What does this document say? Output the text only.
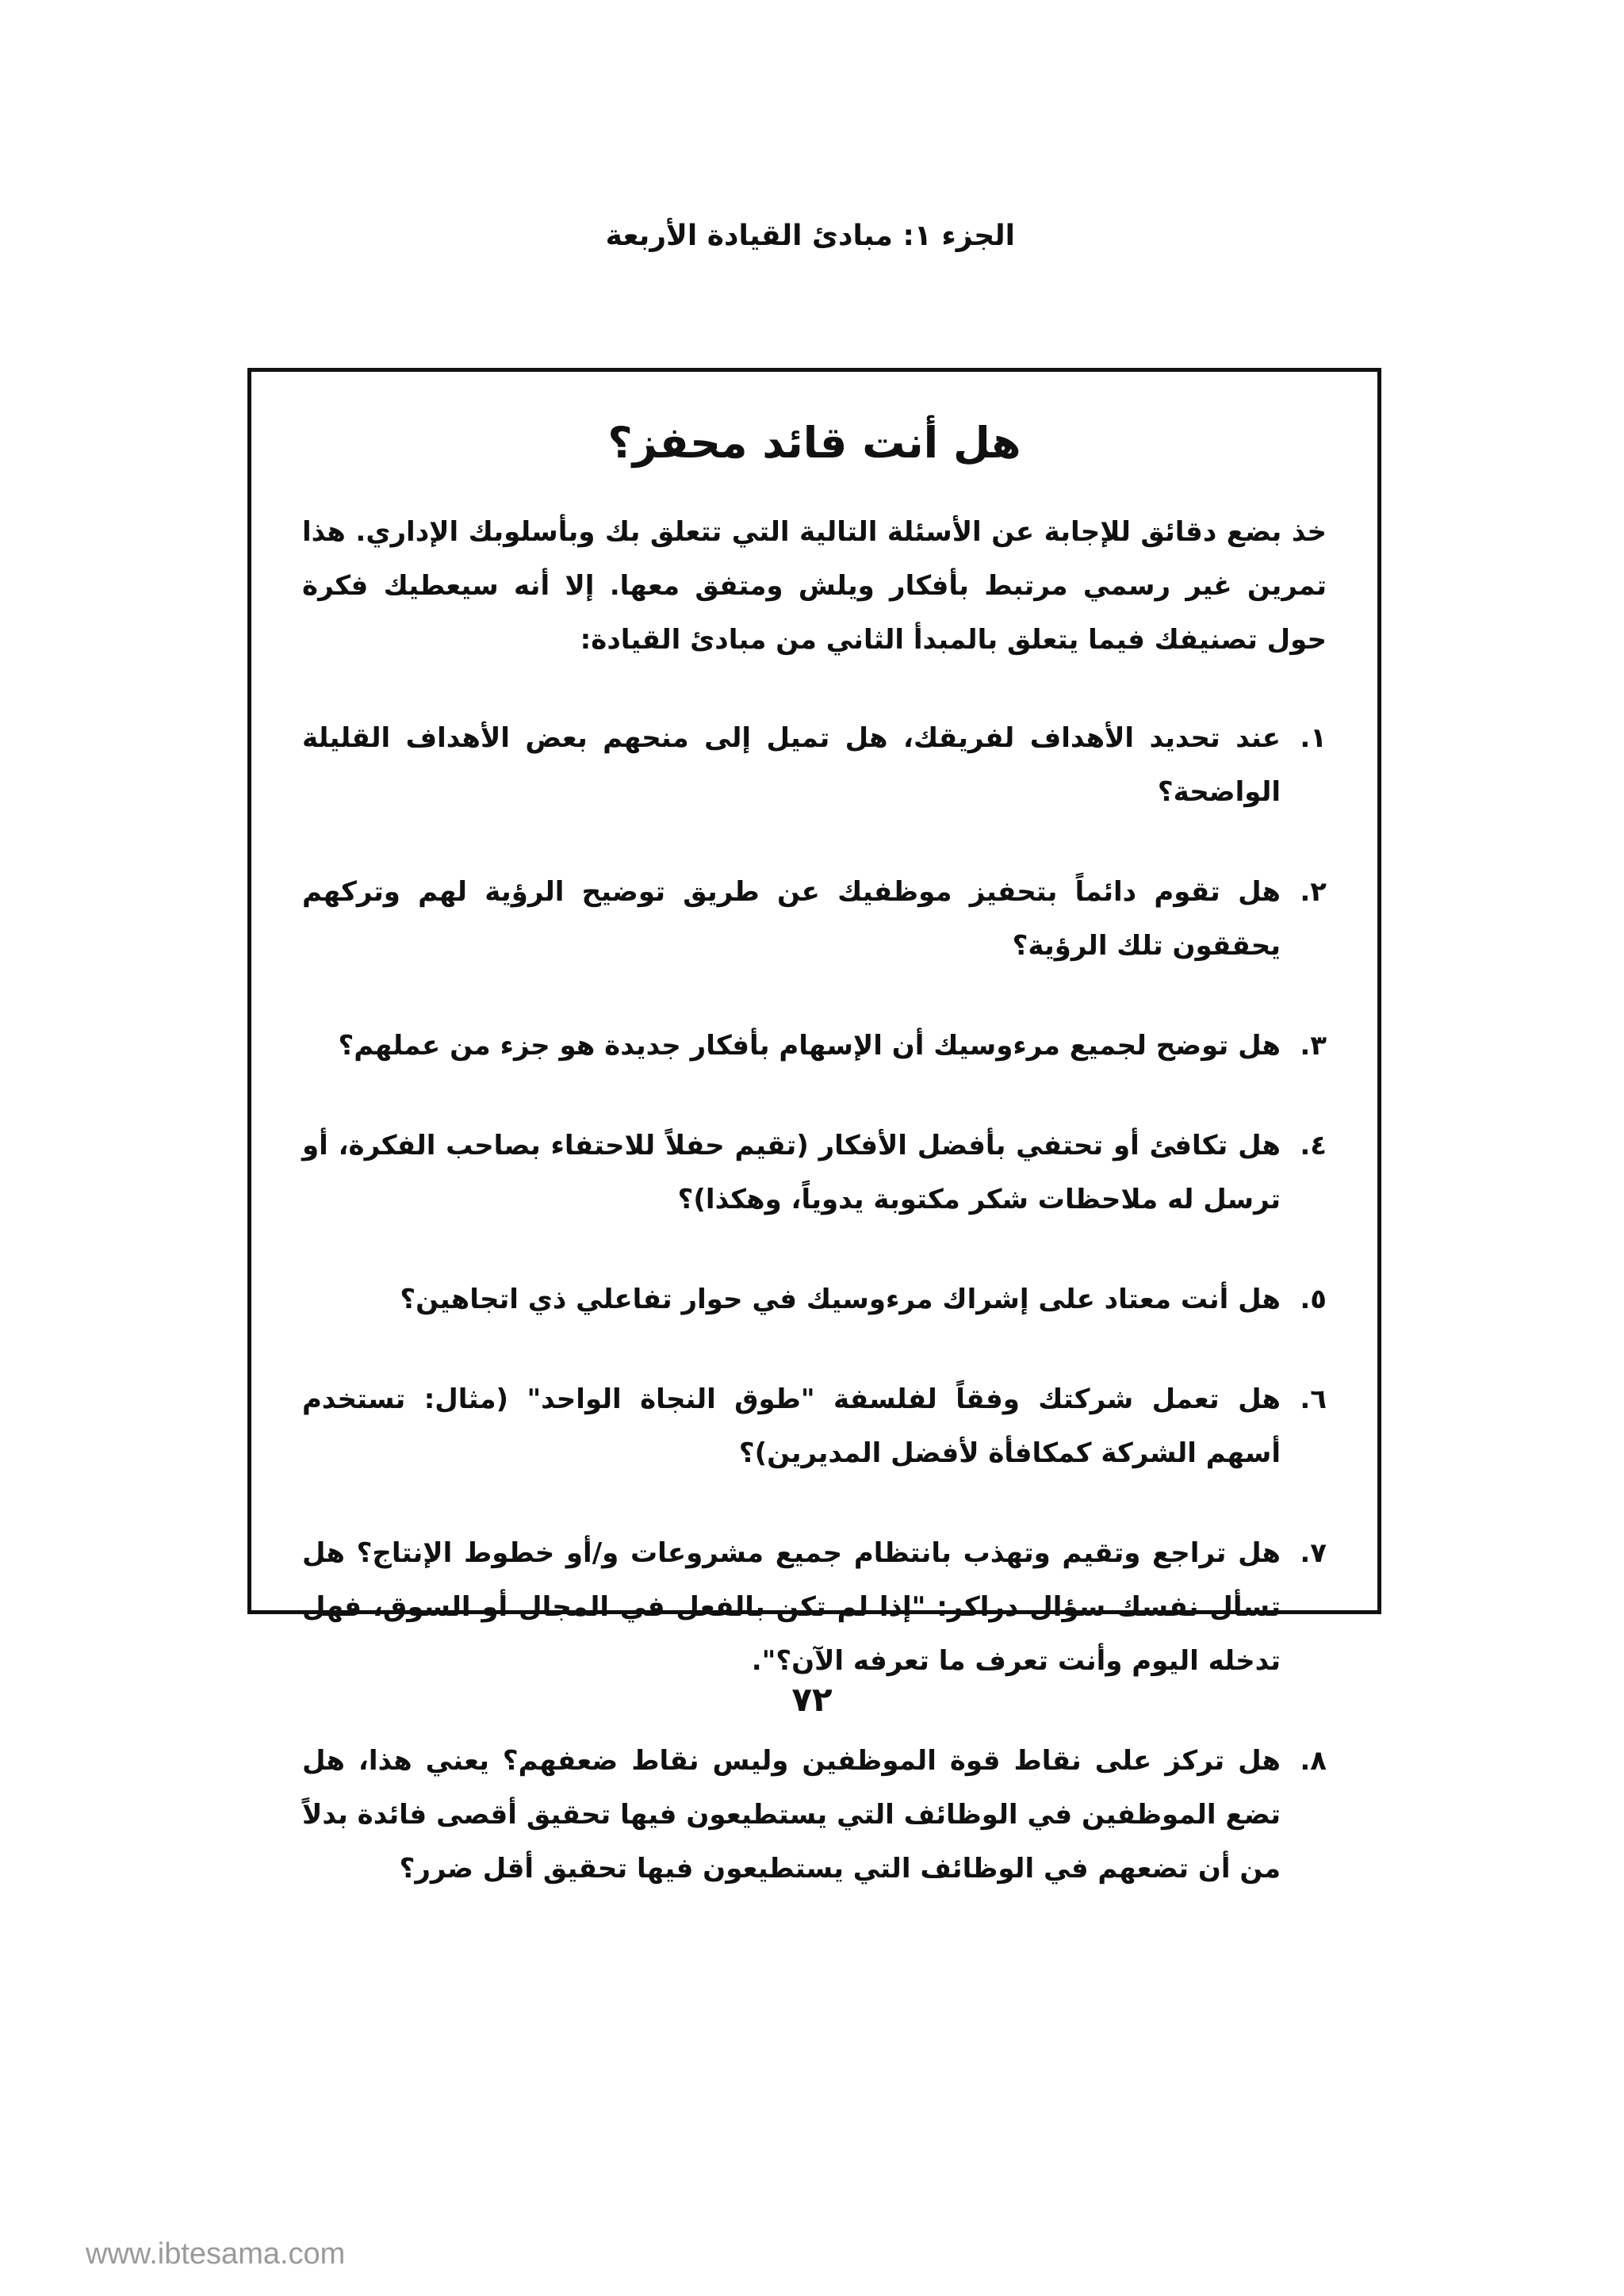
الجزء ١: مبادئ القيادة الأربعة
هل أنت قائد محفز؟
خذ بضع دقائق للإجابة عن الأسئلة التالية التي تتعلق بك وبأسلوبك الإداري. هذا تمرين غير رسمي مرتبط بأفكار ويلش ومتفق معها. إلا أنه سيعطيك فكرة حول تصنيفك فيما يتعلق بالمبدأ الثاني من مبادئ القيادة:
١.
عند تحديد الأهداف لفريقك، هل تميل إلى منحهم بعض الأهداف القليلة الواضحة؟
٢.
هل تقوم دائماً بتحفيز موظفيك عن طريق توضيح الرؤية لهم وتركهم يحققون تلك الرؤية؟
٣.
هل توضح لجميع مرءوسيك أن الإسهام بأفكار جديدة هو جزء من عملهم؟
٤.
هل تكافئ أو تحتفي بأفضل الأفكار (تقيم حفلاً للاحتفاء بصاحب الفكرة، أو ترسل له ملاحظات شكر مكتوبة يدوياً، وهكذا)؟
٥.
هل أنت معتاد على إشراك مرءوسيك في حوار تفاعلي ذي اتجاهين؟
٦.
هل تعمل شركتك وفقاً لفلسفة "طوق النجاة الواحد" (مثال: تستخدم أسهم الشركة كمكافأة لأفضل المديرين)؟
٧.
هل تراجع وتقيم وتهذب بانتظام جميع مشروعات و/أو خطوط الإنتاج؟ هل تسأل نفسك سؤال دراكر: "إذا لم تكن بالفعل في المجال أو السوق، فهل تدخله اليوم وأنت تعرف ما تعرفه الآن؟".
٨.
هل تركز على نقاط قوة الموظفين وليس نقاط ضعفهم؟ يعني هذا، هل تضع الموظفين في الوظائف التي يستطيعون فيها تحقيق أقصى فائدة بدلاً من أن تضعهم في الوظائف التي يستطيعون فيها تحقيق أقل ضرر؟
٧٢
www.ibtesama.com
